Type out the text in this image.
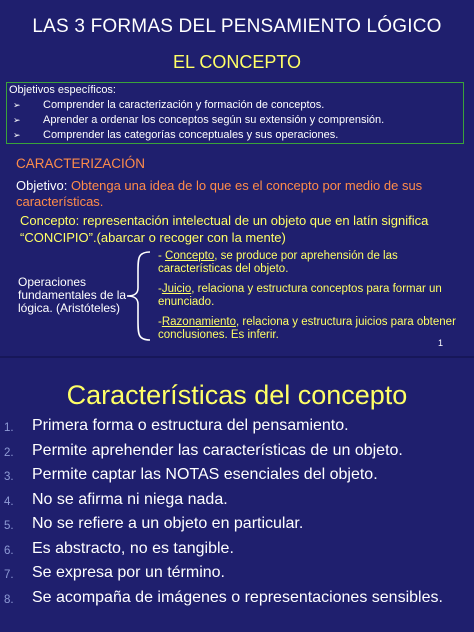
LAS 3 FORMAS DEL PENSAMIENTO LÓGICO
EL CONCEPTO
Objetivos específicos:
➢ Comprender la caracterización y formación de conceptos.
➢ Aprender a ordenar los conceptos según su extensión y comprensión.
➢ Comprender las categorías conceptuales y sus operaciones.
CARACTERIZACIÓN
Objetivo: Obtenga una idea de lo que es el concepto por medio de sus características.
Concepto: representación intelectual de un objeto que en latín significa “CONCIPIO”.(abarcar o recoger con la mente)
Operaciones fundamentales de la lógica. (Aristóteles)
- Concepto, se produce por aprehensión de las características del objeto.
-Juicio, relaciona y estructura conceptos para formar un enunciado.
-Razonamiento, relaciona y estructura juicios para obtener conclusiones. Es inferir.
1
Características del concepto
1. Primera forma o estructura del pensamiento.
2. Permite aprehender las características de un objeto.
3. Permite captar las NOTAS esenciales del objeto.
4. No se afirma ni niega nada.
5. No se refiere a un objeto en particular.
6. Es abstracto, no es tangible.
7. Se expresa por un término.
8. Se acompaña de imágenes o representaciones sensibles.
